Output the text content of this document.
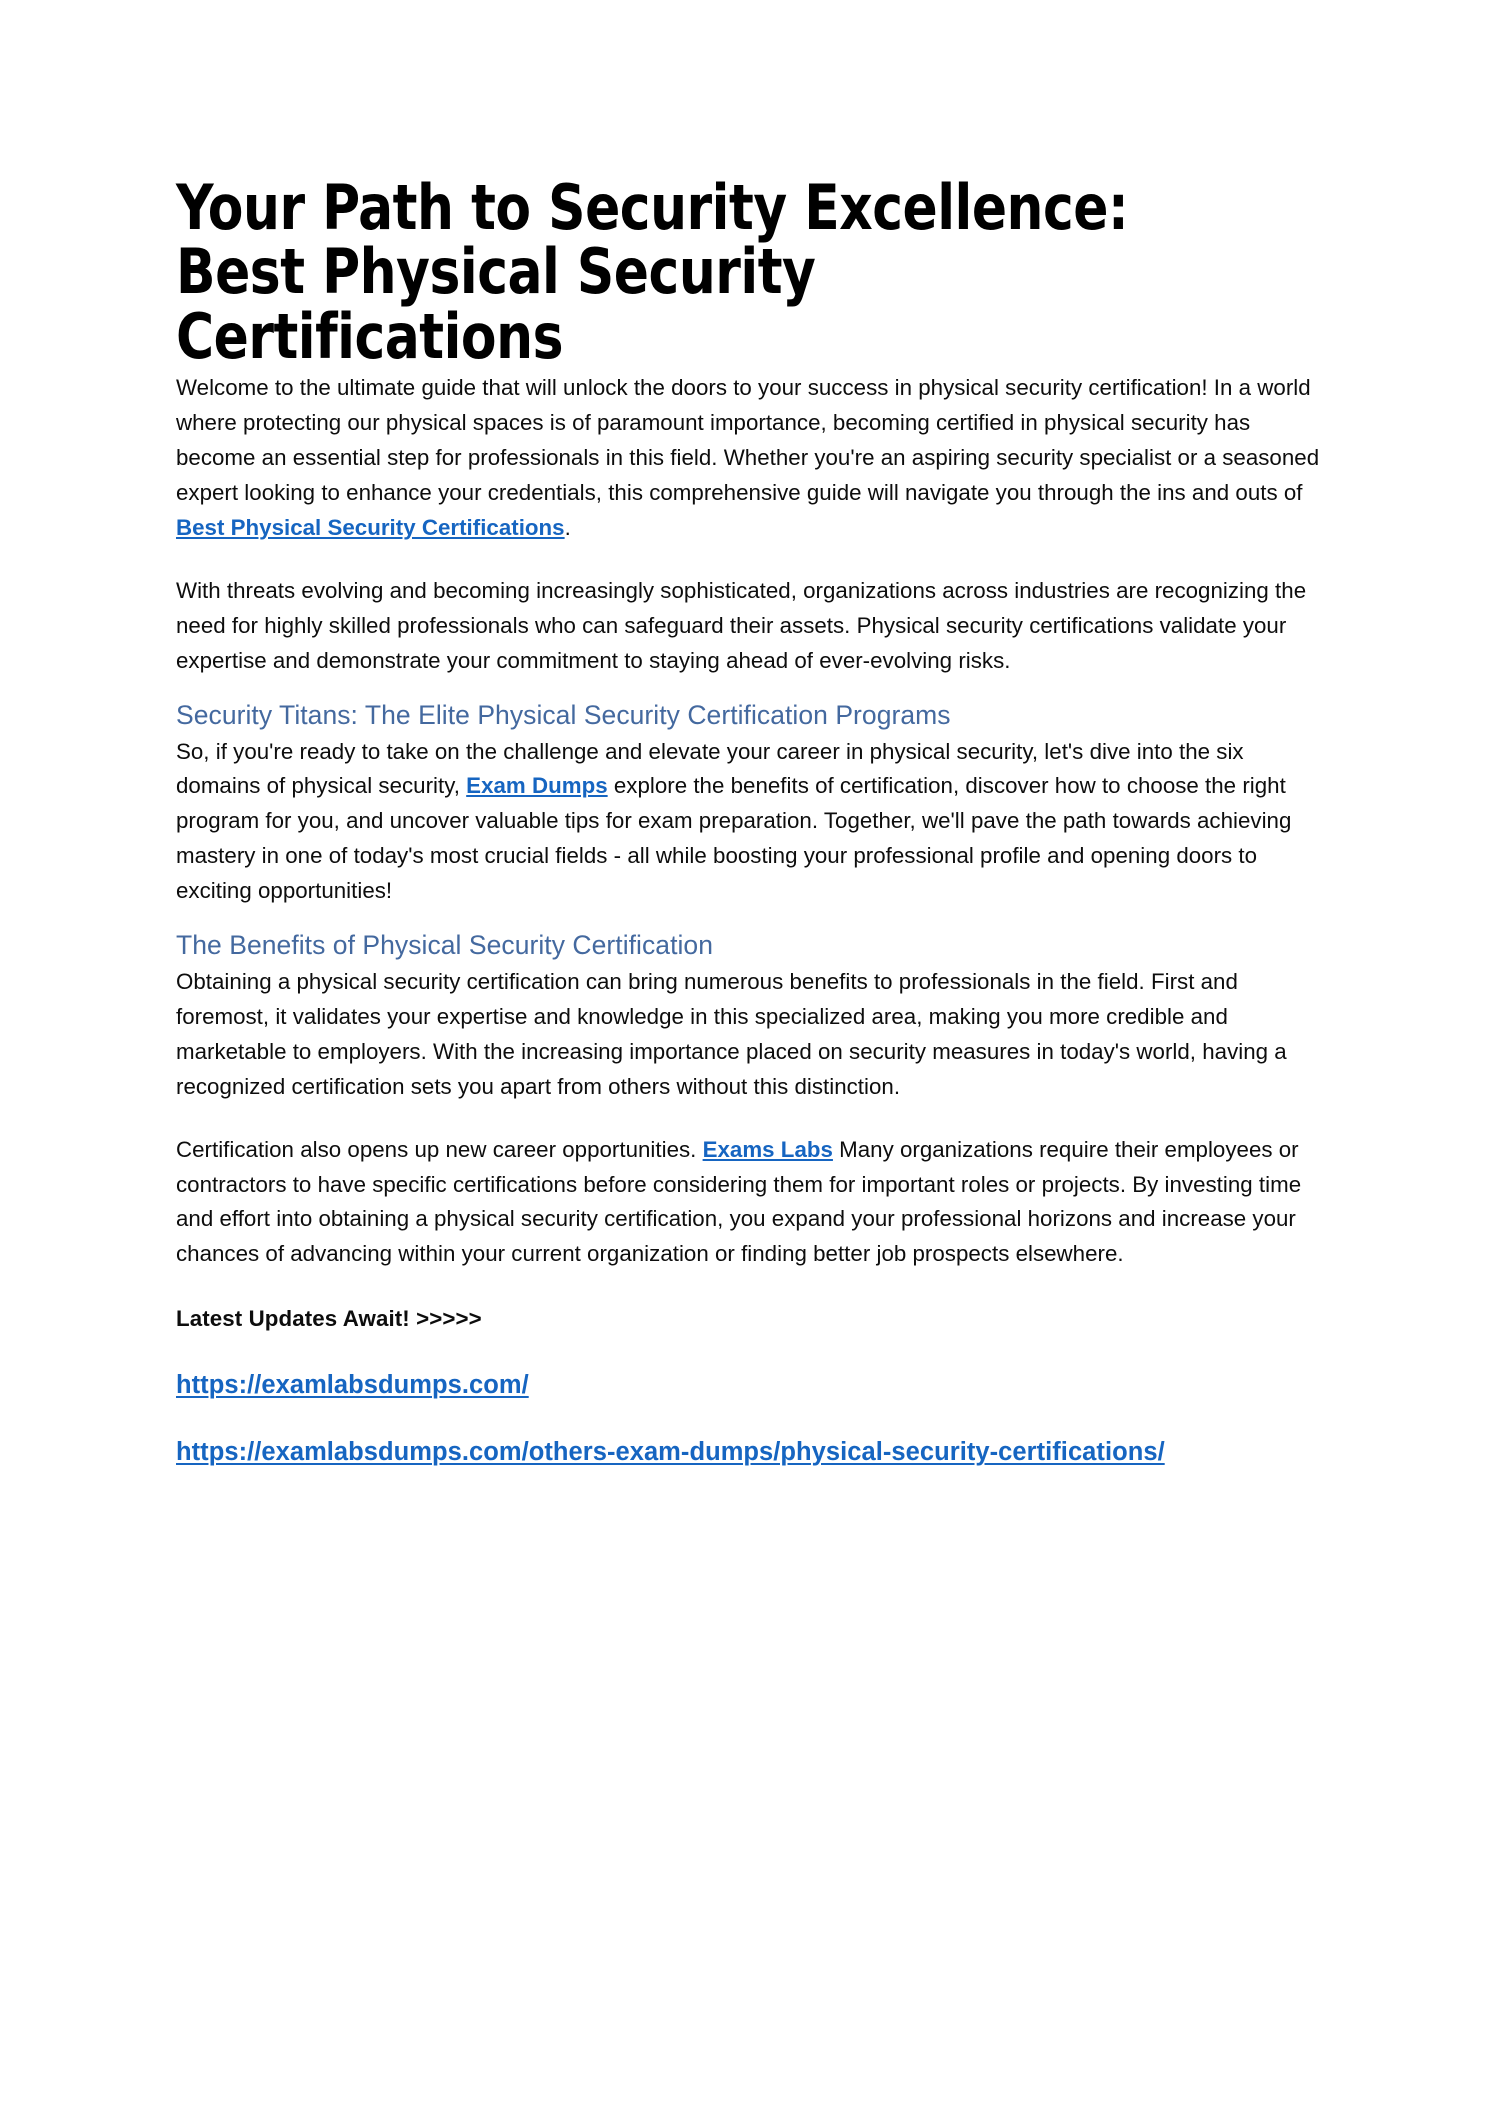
Your Path to Security Excellence:
Best Physical Security
Certifications

Welcome to the ultimate guide that will unlock the doors to your success in physical security certification! In a world where protecting our physical spaces is of paramount importance, becoming certified in physical security has become an essential step for professionals in this field. Whether you're an aspiring security specialist or a seasoned expert looking to enhance your credentials, this comprehensive guide will navigate you through the ins and outs of Best Physical Security Certifications.

With threats evolving and becoming increasingly sophisticated, organizations across industries are recognizing the need for highly skilled professionals who can safeguard their assets. Physical security certifications validate your expertise and demonstrate your commitment to staying ahead of ever-evolving risks.

Security Titans: The Elite Physical Security Certification Programs

So, if you're ready to take on the challenge and elevate your career in physical security, let's dive into the six domains of physical security, Exam Dumps explore the benefits of certification, discover how to choose the right program for you, and uncover valuable tips for exam preparation. Together, we'll pave the path towards achieving mastery in one of today's most crucial fields - all while boosting your professional profile and opening doors to exciting opportunities!

The Benefits of Physical Security Certification

Obtaining a physical security certification can bring numerous benefits to professionals in the field. First and foremost, it validates your expertise and knowledge in this specialized area, making you more credible and marketable to employers. With the increasing importance placed on security measures in today's world, having a recognized certification sets you apart from others without this distinction.

Certification also opens up new career opportunities. Exams Labs Many organizations require their employees or contractors to have specific certifications before considering them for important roles or projects. By investing time and effort into obtaining a physical security certification, you expand your professional horizons and increase your chances of advancing within your current organization or finding better job prospects elsewhere.

Latest Updates Await! >>>>>

https://examlabsdumps.com/

https://examlabsdumps.com/others-exam-dumps/physical-security-certifications/
